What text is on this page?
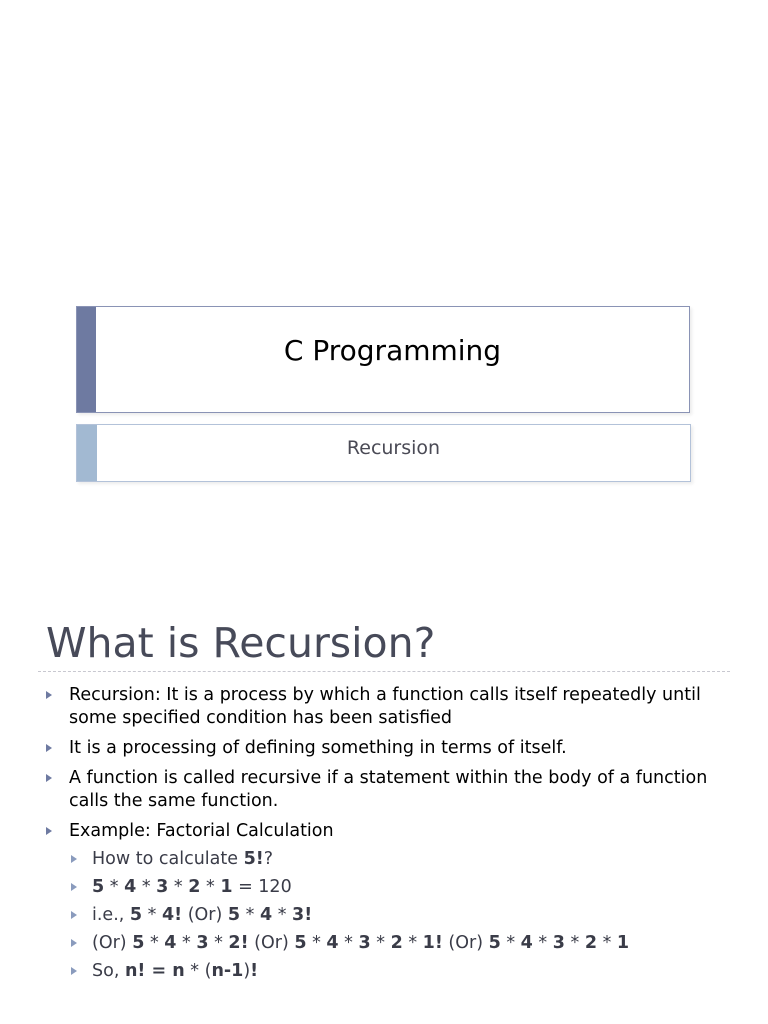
C Programming
Recursion
What is Recursion?
Recursion: It is a process by which a function calls itself repeatedly until some specified condition has been satisfied
It is a processing of defining something in terms of itself.
A function is called recursive if a statement within the body of a function calls the same function.
Example: Factorial Calculation
How to calculate 5!?
5 * 4 * 3 * 2 * 1 = 120
i.e., 5 * 4! (Or) 5 * 4 * 3!
(Or) 5 * 4 * 3 * 2! (Or) 5 * 4 * 3 * 2 * 1! (Or) 5 * 4 * 3 * 2 * 1
So, n! = n * (n-1)!
